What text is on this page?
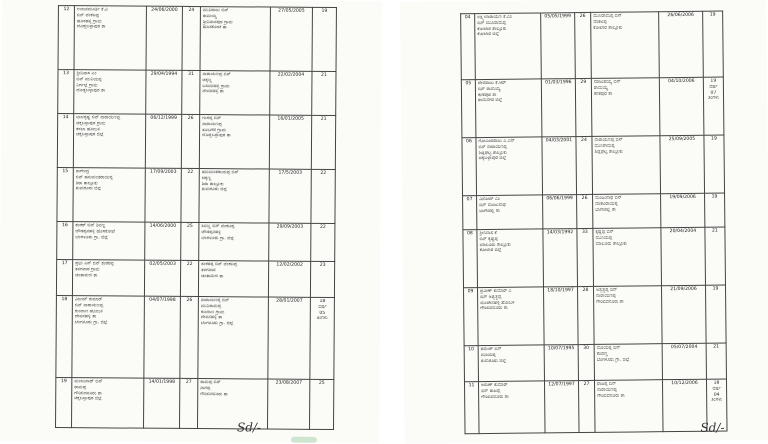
12	ಅಂಜನಮೂರ್ತಿ ಕೆ.ವಿ
ಬಿನ್ ವೆಂಕಟಪ್ಪ
ಹೊಸಹಳ್ಳಿ ಗ್ರಾಮ
ದೊಡ್ಡಬಳ್ಳಾಪುರ ತಾ	24/06/2000	24	ಮುನಿರಾಜು ಬಿನ್
ರಾಮಯ್ಯ
ಶ್ರೀನಿವಾಸಪುರ ಗ್ರಾಮ
ಹೊಸಕೋಟೆ ತಾ	27/05/2005	19
13	ಶ್ರೀನಿವಾಸ ಎಂ
ಬಿನ್ ಮುನಿಯಪ್ಪ
ನಿರ್ಗಲ್ಲೆ ಗ್ರಾಮ
ದೊಡ್ಡಬಳ್ಳಾಪುರ ತಾ	29/04/1994	31	ನಾರಾಯಣಪ್ಪ ಬಿನ್
ಚಿಕ್ಕಣ್ಣ
ಬಸವನಹಳ್ಳಿ ಗ್ರಾಮ
ದೇವನಹಳ್ಳಿ ತಾ	22/02/2004	21
14	ಬಾಲಕೃಷ್ಣ ಬಿನ್ ನಾರಾಯಣಪ್ಪ
ಚಿಕ್ಕಬಳ್ಳಾಪುರ ಗ್ರಾಮ
ಕಸಬಾ ಹೋಬಳಿ
ಚಿಕ್ಕಬಳ್ಳಾಪುರ ಜಿಲ್ಲೆ	06/12/1999	26	ಗಂಗಪ್ಪ ಬಿನ್
ನಾರಾಯಣಪ್ಪ
ತೂಬಗೆರೆ ಗ್ರಾಮ
ದೊಡ್ಡಬಳ್ಳಾಪುರ ತಾ	16/01/2005	21
15	ನಾಗೇಂದ್ರ
ಬಿನ್ ಹನುಮಂತರಾಯಪ್ಪ
ಶಿರಾ ತಾಲ್ಲೂಕು
ತುಮಕೂರು ಜಿಲ್ಲೆ	17/09/2003	22	ಹನುಮಂತರಾಯಪ್ಪ ಬಿನ್
ಚಿಕ್ಕಣ್ಣ
ಶಿರಾ ತಾಲ್ಲೂಕು
ತುಮಕೂರು ಜಿಲ್ಲೆ	17/5/2003	22
16	ಶಂಕರ್ ಬಿನ್ ಶಿವಣ್ಣ
ಚೌಡಪ್ಪನಹಳ್ಳಿ ಹೊಸಕೋಟೆ
ಬೆಂಗಳೂರು ಗ್ರಾ. ಜಿಲ್ಲೆ	14/06/2000	25	ಶಿವಣ್ಣ ಬಿನ್ ವೆಂಕಟಪ್ಪ
ಚೌಡಪ್ಪನಹಳ್ಳಿ
ಬೆಂಗಳೂರು ಗ್ರಾ. ಜಿಲ್ಲೆ	29/09/2003	22
17	ಪ್ರಭು ಎನ್ ಬಿನ್ ಶಂಕರಪ್ಪ
ತಳಗವಾರ ಗ್ರಾಮ
ಚಿಂತಾಮಣಿ ತಾ	02/05/2003	22	ಶಂಕರಪ್ಪ ಬಿನ್ ವೆಂಕಟಪ್ಪ
ತಳಗವಾರ
ಚಿಂತಾಮಣಿ ತಾ	12/02/2002	23
18	ವಿಜಯ್ ಕುಮಾರ್
ಬಿನ್ ನಾರಾಯಣಪ್ಪ
ಕುಂದಾಣ ಹೋಬಳಿ
ದೇವನಹಳ್ಳಿ ತಾ
ಬೆಂಗಳೂರು ಗ್ರಾ. ಜಿಲ್ಲೆ	04/07/1998	26	ನಾರಾಯಣಪ್ಪ ಬಿನ್
ಮುನಿಶಾಮಪ್ಪ
ಕುಂದಾಣ ಗ್ರಾಮ
ದೇವನಹಳ್ಳಿ ತಾ
ಬೆಂಗಳೂರು ಗ್ರಾ. ಜಿಲ್ಲೆ	28/01/2007	18
ವರ್ಷ
05
ತಿಂಗಳು

19	ಮಂಜುನಾಥ್ ಬಿನ್
ರಾಮಪ್ಪ
ಗೌರಿಬಿದನೂರು ತಾ
ಚಿಕ್ಕಬಳ್ಳಾಪುರ ಜಿಲ್ಲೆ	14/01/1998	27	ರಾಮಪ್ಪ ಬಿನ್
ನಾಗಪ್ಪ
ಗೌರಿಬಿದನೂರು ತಾ	23/08/2007	25
Sd/-
04	ಲಕ್ಷ್ಮೀನಾರಾಯಣ ಕೆ.ಎಂ
ಬಿನ್ ಮುನಿರಾಮಪ್ಪ
ಕೋಲಾರ ತಾಲ್ಲೂಕು
ಕೋಲಾರ ಜಿಲ್ಲೆ	05/05/1999	26	ಮುನಿರಾಮಪ್ಪ ಬಿನ್
ವೆಂಕಟಪ್ಪ
ಕೋಲಾರ ತಾಲ್ಲೂಕು	26/06/2006	19
05	ದೇವರಾಜು ಕೆ.ಆರ್
ಬಿನ್ ರಾಮಯ್ಯ
ಕನಕಪುರ ತಾ
ರಾಮನಗರ ಜಿಲ್ಲೆ	01/03/1996	29	ನರಸಿಂಹಯ್ಯ ಬಿನ್
ರಾಮಯ್ಯ
ಕನಕಪುರ ತಾ	04/10/2006	19
ವರ್ಷ
07
ತಿಂಗಳು

06	ಗೋವಿಂದರಾಜು ಎ.ಎನ್
ಬಿನ್ ನಾರಾಯಣಪ್ಪ
ಶಿಡ್ಲಘಟ್ಟ ತಾಲ್ಲೂಕು
ಚಿಕ್ಕಬಳ್ಳಾಪುರ ಜಿಲ್ಲೆ	04/03/2001	24	ನಾರಾಯಣಪ್ಪ ಬಿನ್
ಮುನಿಶಾಮಪ್ಪ
ಶಿಡ್ಲಘಟ್ಟ ತಾಲ್ಲೂಕು	25/09/2005	19
07	ವಿನೋದ್ ಎಂ
ಬಿನ್ ಮಂಜುನಾಥ
ಬಾಗೇಪಲ್ಲಿ ತಾ	06/06/1999	26	ಮಂಜುನಾಥ ಬಿನ್
ವೆಂಕಟರಾಯಪ್ಪ
ಬಾಗೇಪಲ್ಲಿ ತಾ	19/09/2006	19
08	ಶ್ರೀನಿವಾಸ ಕೆ
ಬಿನ್ ಕೃಷ್ಣಪ್ಪ
ಮಾಲೂರು ತಾಲ್ಲೂಕು
ಕೋಲಾರ ಜಿಲ್ಲೆ	14/03/1992	33	ಕೃಷ್ಣಪ್ಪ ಬಿನ್
ಮುನಿಯಪ್ಪ
ಮಾಲೂರು ತಾಲ್ಲೂಕು	20/04/2004	21
09	ಪ್ರವೀಣ್ ಕುಮಾರ್ ಎ
ಬಿನ್ ಅಶ್ವತ್ಥಪ್ಪ
ಮಂಚೇನಹಳ್ಳಿ ಹೋಬಳಿ
ಗೌರಿಬಿದನೂರು ತಾ	18/10/1997	28	ಅಶ್ವತ್ಥಪ್ಪ ಬಿನ್
ನಾರಾಯಣಪ್ಪ
ಗೌರಿಬಿದನೂರು ತಾ	21/09/2006	19
10	ರಮೇಶ್ ಬಿನ್
ಮರಿಯಪ್ಪ
ತುಮಕೂರು ಜಿಲ್ಲೆ	10/07/1995	30	ಮರಿಯಪ್ಪ ಬಿನ್
ಕೆಂಪಣ್ಣ
ಬೆಂಗಳೂರು ಗ್ರಾ. ಜಿಲ್ಲೆ	05/07/2004	21
11	ಅರುಣ್ ಕುಮಾರ್
ಬಿನ್ ರಾಜಪ್ಪ
ಗೌರಿಬಿದನೂರು ತಾ	12/07/1997	27	ರಾಜಪ್ಪ ಬಿನ್
ನಾರಾಯಣಪ್ಪ
ಗೌರಿಬಿದನೂರು ತಾ	10/12/2006	18
ವರ್ಷ
04
ತಿಂಗಳು
Sd/-
